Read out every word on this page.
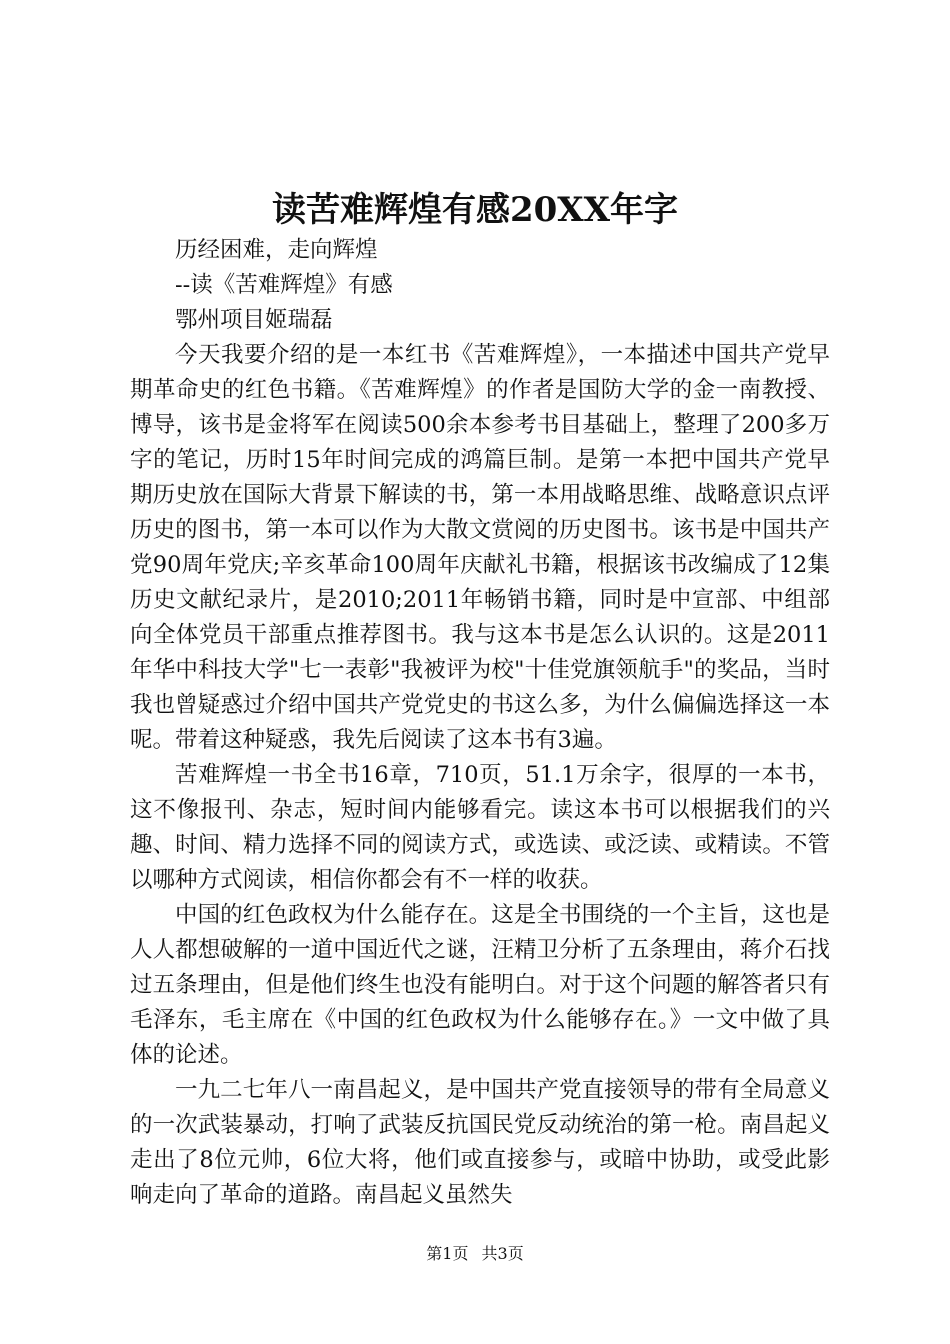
读苦难辉煌有感20XX年字

历经困难，走向辉煌

--读《苦难辉煌》有感

鄂州项目姬瑞磊

今天我要介绍的是一本红书《苦难辉煌》，一本描述中国共产党早期革命史的红色书籍。《苦难辉煌》的作者是国防大学的金一南教授、博导，该书是金将军在阅读500余本参考书目基础上，整理了200多万字的笔记，历时15年时间完成的鸿篇巨制。是第一本把中国共产党早期历史放在国际大背景下解读的书，第一本用战略思维、战略意识点评历史的图书，第一本可以作为大散文赏阅的历史图书。该书是中国共产党90周年党庆;辛亥革命100周年庆献礼书籍，根据该书改编成了12集历史文献纪录片，是2010;2011年畅销书籍，同时是中宣部、中组部向全体党员干部重点推荐图书。我与这本书是怎么认识的。这是2011年华中科技大学"七一表彰"我被评为校"十佳党旗领航手"的奖品，当时我也曾疑惑过介绍中国共产党党史的书这么多，为什么偏偏选择这一本呢。带着这种疑惑，我先后阅读了这本书有3遍。

苦难辉煌一书全书16章，710页，51.1万余字，很厚的一本书，这不像报刊、杂志，短时间内能够看完。读这本书可以根据我们的兴趣、时间、精力选择不同的阅读方式，或选读、或泛读、或精读。不管以哪种方式阅读，相信你都会有不一样的收获。

中国的红色政权为什么能存在。这是全书围绕的一个主旨，这也是人人都想破解的一道中国近代之谜，汪精卫分析了五条理由，蒋介石找过五条理由，但是他们终生也没有能明白。对于这个问题的解答者只有毛泽东，毛主席在《中国的红色政权为什么能够存在。》一文中做了具体的论述。

一九二七年八一南昌起义，是中国共产党直接领导的带有全局意义的一次武装暴动，打响了武装反抗国民党反动统治的第一枪。南昌起义走出了8位元帅，6位大将，他们或直接参与，或暗中协助，或受此影响走向了革命的道路。南昌起义虽然失

第1页 共3页
